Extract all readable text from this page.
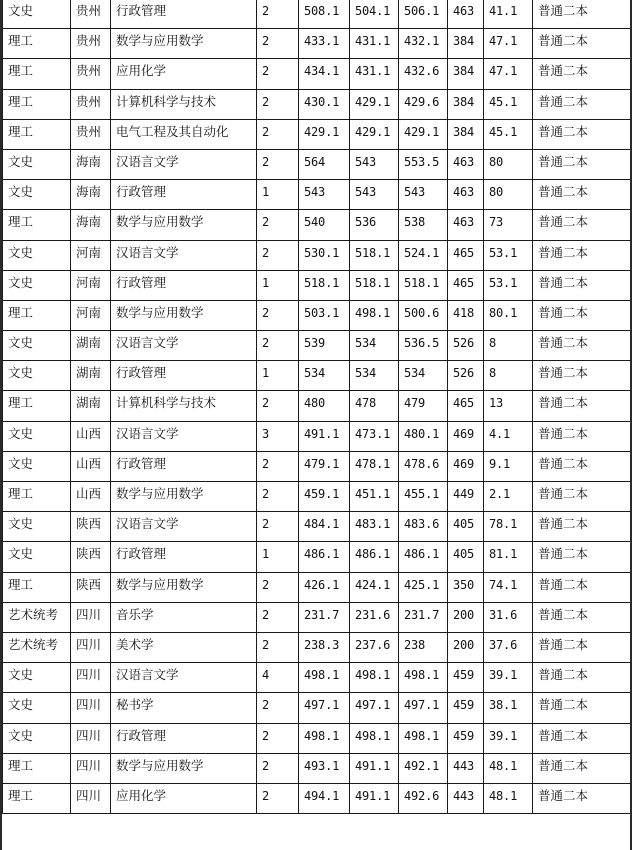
文史	贵州	行政管理	2	508.1	504.1	506.1	463	41.1	普通二本
理工	贵州	数学与应用数学	2	433.1	431.1	432.1	384	47.1	普通二本
理工	贵州	应用化学	2	434.1	431.1	432.6	384	47.1	普通二本
理工	贵州	计算机科学与技术	2	430.1	429.1	429.6	384	45.1	普通二本
理工	贵州	电气工程及其自动化	2	429.1	429.1	429.1	384	45.1	普通二本
文史	海南	汉语言文学	2	564	543	553.5	463	80	普通二本
文史	海南	行政管理	1	543	543	543	463	80	普通二本
理工	海南	数学与应用数学	2	540	536	538	463	73	普通二本
文史	河南	汉语言文学	2	530.1	518.1	524.1	465	53.1	普通二本
文史	河南	行政管理	1	518.1	518.1	518.1	465	53.1	普通二本
理工	河南	数学与应用数学	2	503.1	498.1	500.6	418	80.1	普通二本
文史	湖南	汉语言文学	2	539	534	536.5	526	8	普通二本
文史	湖南	行政管理	1	534	534	534	526	8	普通二本
理工	湖南	计算机科学与技术	2	480	478	479	465	13	普通二本
文史	山西	汉语言文学	3	491.1	473.1	480.1	469	4.1	普通二本
文史	山西	行政管理	2	479.1	478.1	478.6	469	9.1	普通二本
理工	山西	数学与应用数学	2	459.1	451.1	455.1	449	2.1	普通二本
文史	陕西	汉语言文学	2	484.1	483.1	483.6	405	78.1	普通二本
文史	陕西	行政管理	1	486.1	486.1	486.1	405	81.1	普通二本
理工	陕西	数学与应用数学	2	426.1	424.1	425.1	350	74.1	普通二本
艺术统考	四川	音乐学	2	231.7	231.6	231.7	200	31.6	普通二本
艺术统考	四川	美术学	2	238.3	237.6	238	200	37.6	普通二本
文史	四川	汉语言文学	4	498.1	498.1	498.1	459	39.1	普通二本
文史	四川	秘书学	2	497.1	497.1	497.1	459	38.1	普通二本
文史	四川	行政管理	2	498.1	498.1	498.1	459	39.1	普通二本
理工	四川	数学与应用数学	2	493.1	491.1	492.1	443	48.1	普通二本
理工	四川	应用化学	2	494.1	491.1	492.6	443	48.1	普通二本
